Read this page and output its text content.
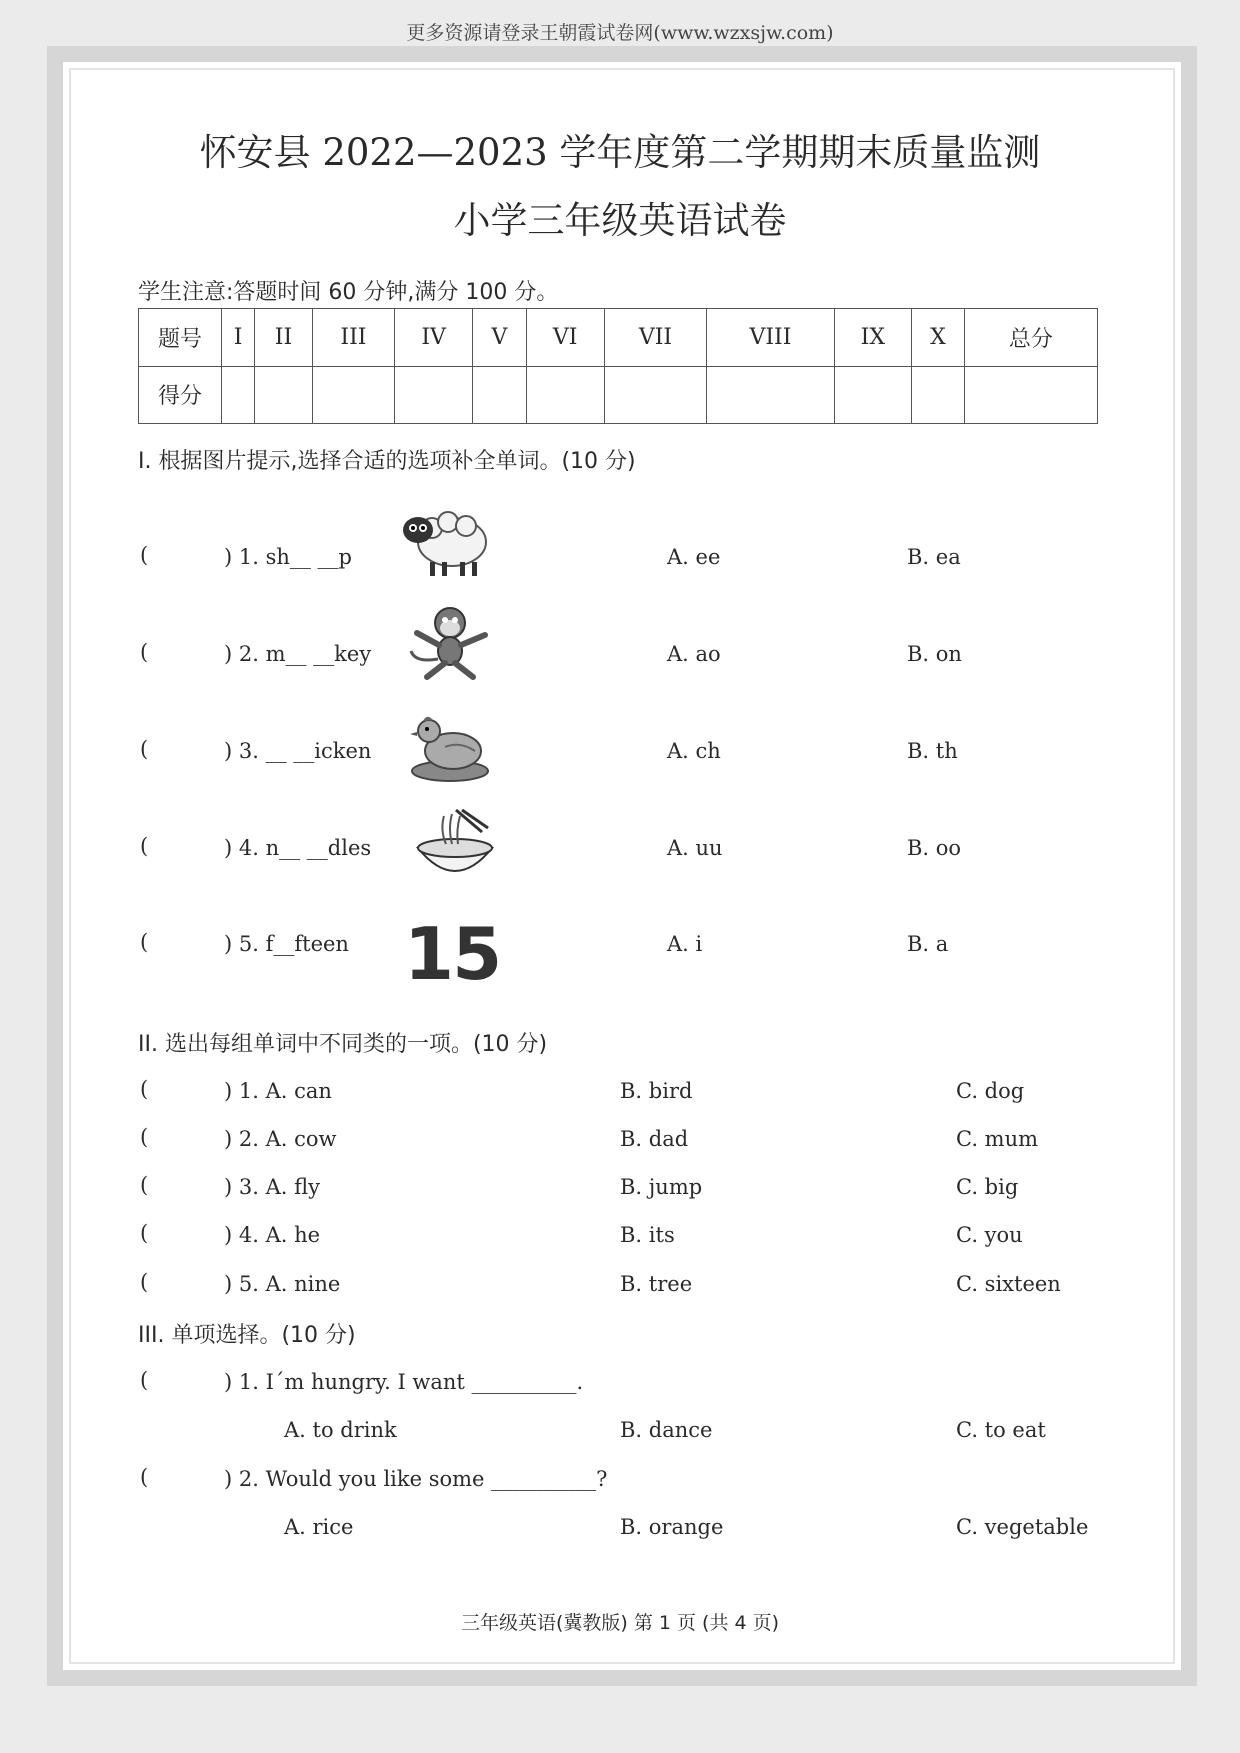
更多资源请登录王朝霞试卷网(www.wzxsjw.com)
怀安县 2022—2023 学年度第二学期期末质量监测
小学三年级英语试卷
学生注意:答题时间 60 分钟,满分 100 分。
题号	I	II	III	IV	V	VI	VII	VIII	IX	X	总分
得分											
I. 根据图片提示,选择合适的选项补全单词。(10 分)
(	) 1. sh__ __p	A. ee	B. ea
(	) 2. m__ __key	A. ao	B. on
(	) 3. __ __icken	A. ch	B. th
(	) 4. n__ __dles	A. uu	B. oo
(	) 5. f__fteen 15	A. i	B. a
II. 选出每组单词中不同类的一项。(10 分)
(	) 1. A. can	B. bird	C. dog
(	) 2. A. cow	B. dad	C. mum
(	) 3. A. fly	B. jump	C. big
(	) 4. A. he	B. its	C. you
(	) 5. A. nine	B. tree	C. sixteen
III. 单项选择。(10 分)
(	) 1. I´m hungry. I want __________.
A. to drink	B. dance	C. to eat
(	) 2. Would you like some __________?
A. rice	B. orange	C. vegetable
三年级英语(冀教版) 第 1 页 (共 4 页)
